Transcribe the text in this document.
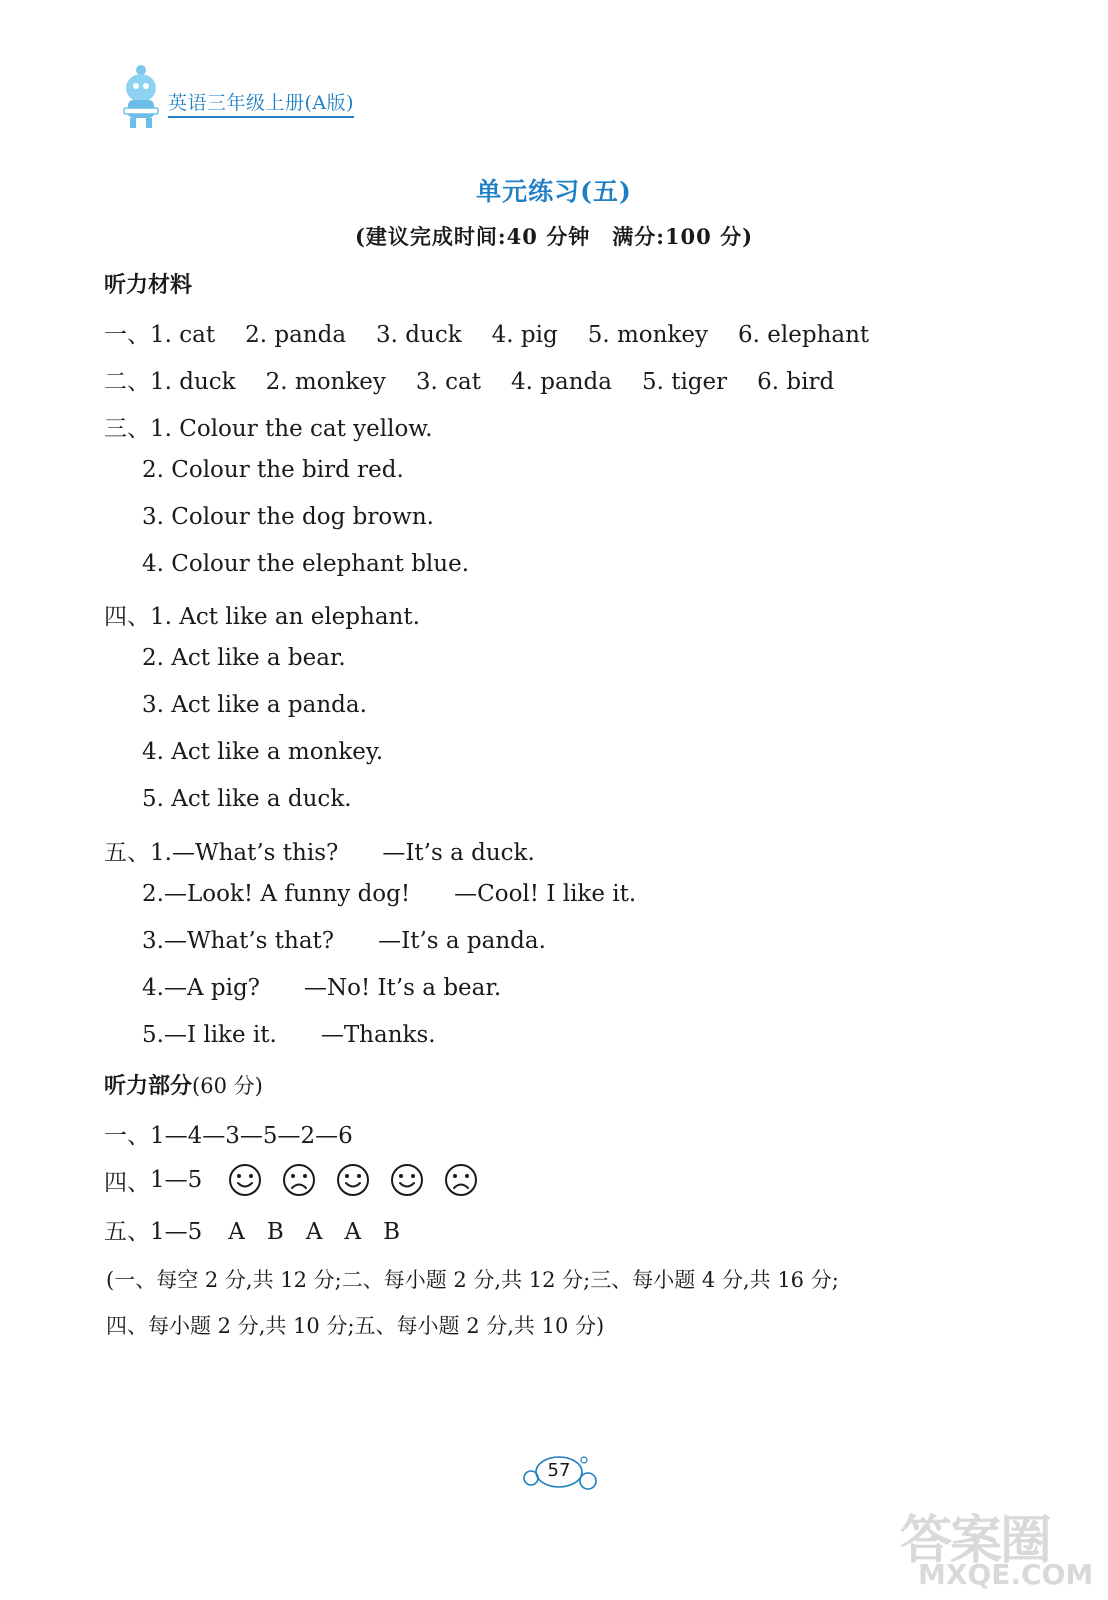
英语三年级上册(A版)
单元练习(五)
(建议完成时间:40 分钟　满分:100 分)
听力材料
一、 1. cat 2. panda 3. duck 4. pig 5. monkey 6. elephant
二、 1. duck 2. monkey 3. cat 4. panda 5. tiger 6. bird
三、 1. Colour the cat yellow.
2. Colour the bird red.
3. Colour the dog brown.
4. Colour the elephant blue.
四、 1. Act like an elephant.
2. Act like a bear.
3. Act like a panda.
4. Act like a monkey.
5. Act like a duck.
五、 1. —What’s this? —It’s a duck.
2. —Look! A funny dog! —Cool! I like it.
3. —What’s that? —It’s a panda.
4. —A pig? —No! It’s a bear.
5. —I like it. —Thanks.
听力部分(60 分)
一、 1—4—3—5—2—6
四、 1—5
五、 1—5 A B A A B
(一、每空 2 分,共 12 分;二、每小题 2 分,共 12 分;三、每小题 4 分,共 16 分;
四、每小题 2 分,共 10 分;五、每小题 2 分,共 10 分)
57
答案圈
MXQE.COM
